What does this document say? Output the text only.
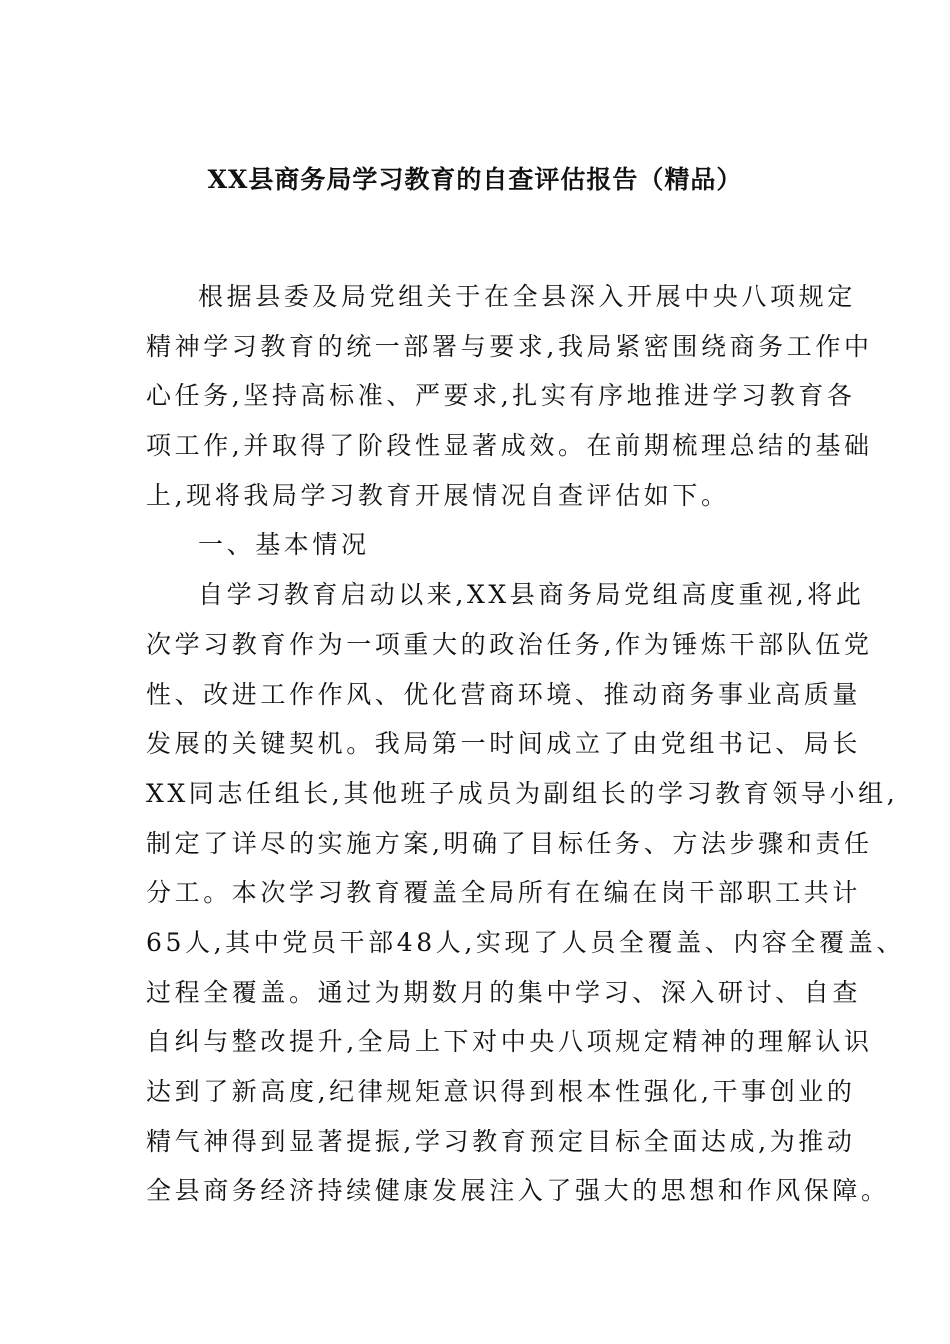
XX县商务局学习教育的自查评估报告（精品）
根据县委及局党组关于在全县深入开展中央八项规定
精神学习教育的统一部署与要求,我局紧密围绕商务工作中
心任务,坚持高标准、严要求,扎实有序地推进学习教育各
项工作,并取得了阶段性显著成效。在前期梳理总结的基础
上,现将我局学习教育开展情况自查评估如下。
一、基本情况
自学习教育启动以来,XX县商务局党组高度重视,将此
次学习教育作为一项重大的政治任务,作为锤炼干部队伍党
性、改进工作作风、优化营商环境、推动商务事业高质量
发展的关键契机。我局第一时间成立了由党组书记、局长
XX同志任组长,其他班子成员为副组长的学习教育领导小组,
制定了详尽的实施方案,明确了目标任务、方法步骤和责任
分工。本次学习教育覆盖全局所有在编在岗干部职工共计
65人,其中党员干部48人,实现了人员全覆盖、内容全覆盖、
过程全覆盖。通过为期数月的集中学习、深入研讨、自查
自纠与整改提升,全局上下对中央八项规定精神的理解认识
达到了新高度,纪律规矩意识得到根本性强化,干事创业的
精气神得到显著提振,学习教育预定目标全面达成,为推动
全县商务经济持续健康发展注入了强大的思想和作风保障。
